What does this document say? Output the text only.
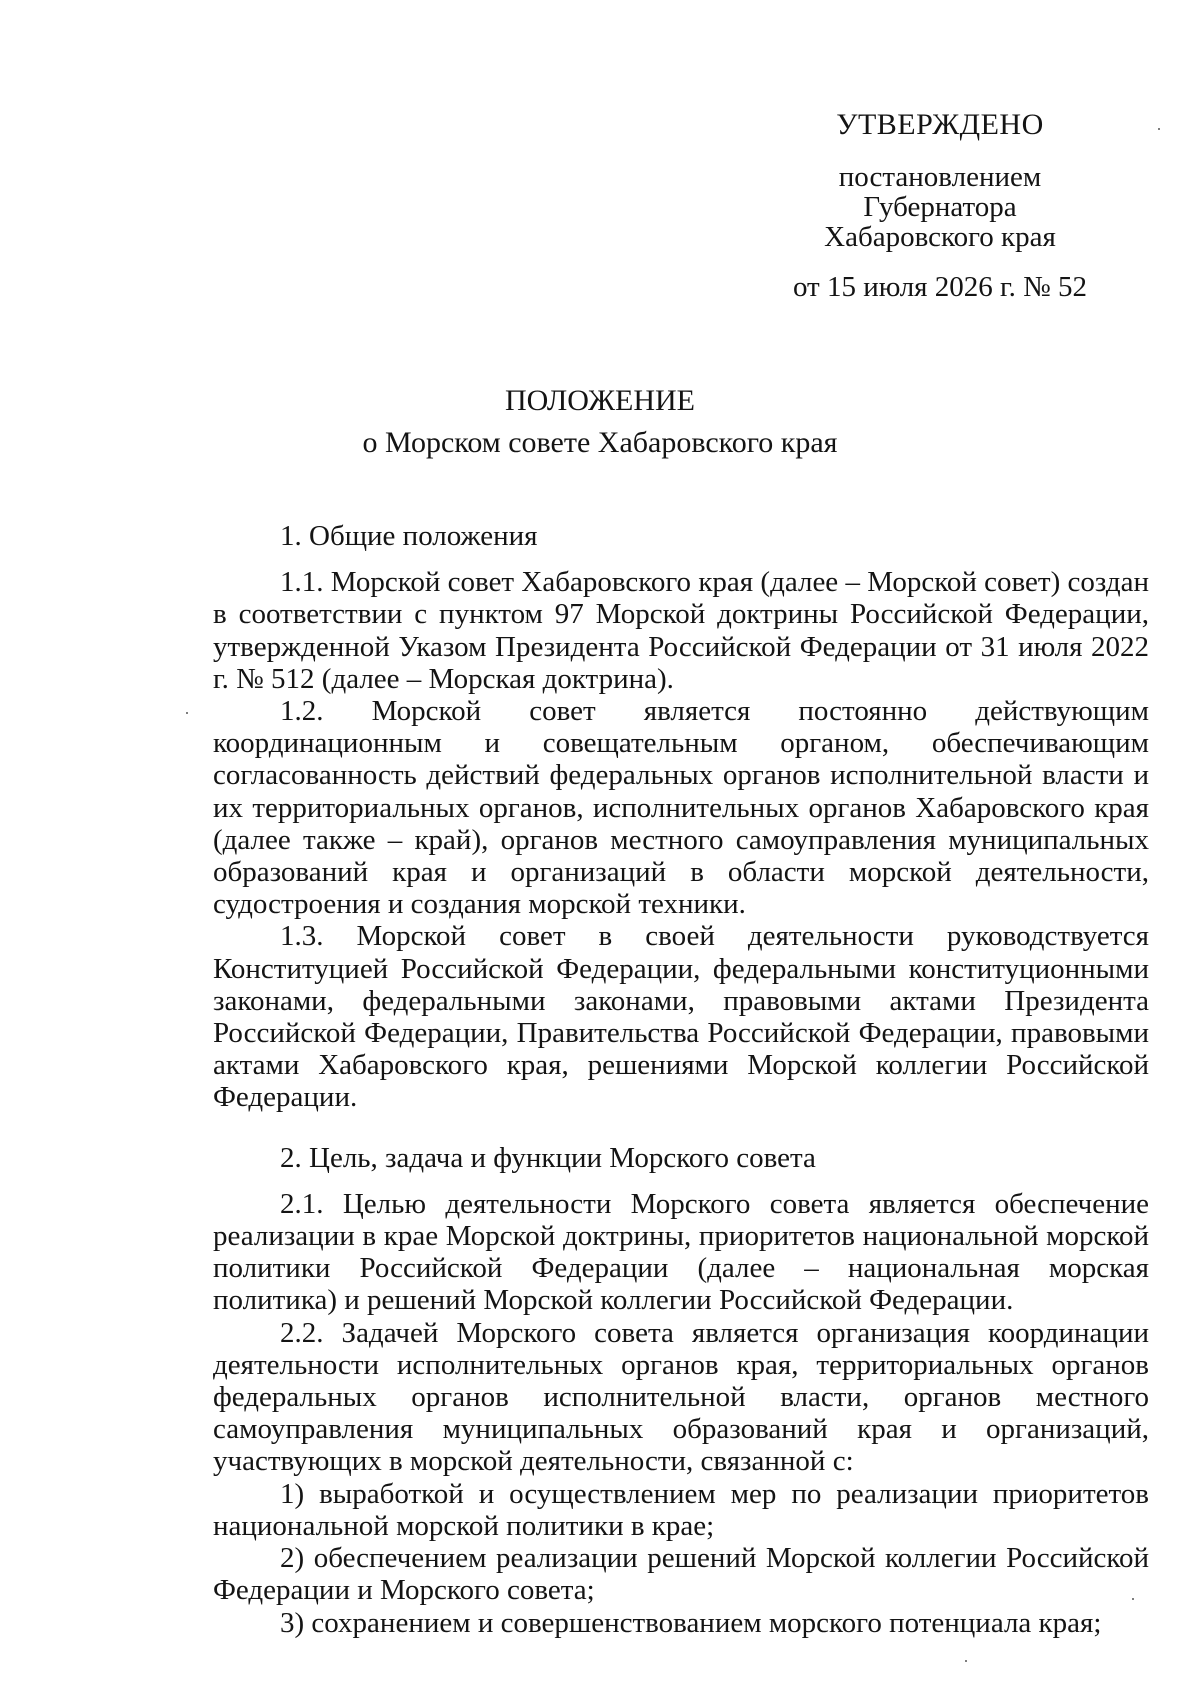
УТВЕРЖДЕНО
постановлением
Губернатора
Хабаровского края
от 15 июля 2026 г. № 52
ПОЛОЖЕНИЕ
о Морском совете Хабаровского края

1. Общие положения

1.1. Морской совет Хабаровского края (далее – Морской совет) создан в соответствии с пунктом 97 Морской доктрины Российской Федерации, утвержденной Указом Президента Российской Федерации от 31 июля 2022 г. № 512 (далее – Морская доктрина).

1.2. Морской совет является постоянно действующим координационным и совещательным органом, обеспечивающим согласованность действий федеральных органов исполнительной власти и их территориальных органов, исполнительных органов Хабаровского края (далее также – край), органов местного самоуправления муниципальных образований края и организаций в области морской деятельности, судостроения и создания морской техники.

1.3. Морской совет в своей деятельности руководствуется Конституцией Российской Федерации, федеральными конституционными законами, федеральными законами, правовыми актами Президента Российской Федерации, Правительства Российской Федерации, правовыми актами Хабаровского края, решениями Морской коллегии Российской Федерации.

2. Цель, задача и функции Морского совета

2.1. Целью деятельности Морского совета является обеспечение реализации в крае Морской доктрины, приоритетов национальной морской политики Российской Федерации (далее – национальная морская политика) и решений Морской коллегии Российской Федерации.

2.2. Задачей Морского совета является организация координации деятельности исполнительных органов края, территориальных органов федеральных органов исполнительной власти, органов местного самоуправления муниципальных образований края и организаций, участвующих в морской деятельности, связанной с:

1) выработкой и осуществлением мер по реализации приоритетов национальной морской политики в крае;

2) обеспечением реализации решений Морской коллегии Российской Федерации и Морского совета;

3) сохранением и совершенствованием морского потенциала края;
